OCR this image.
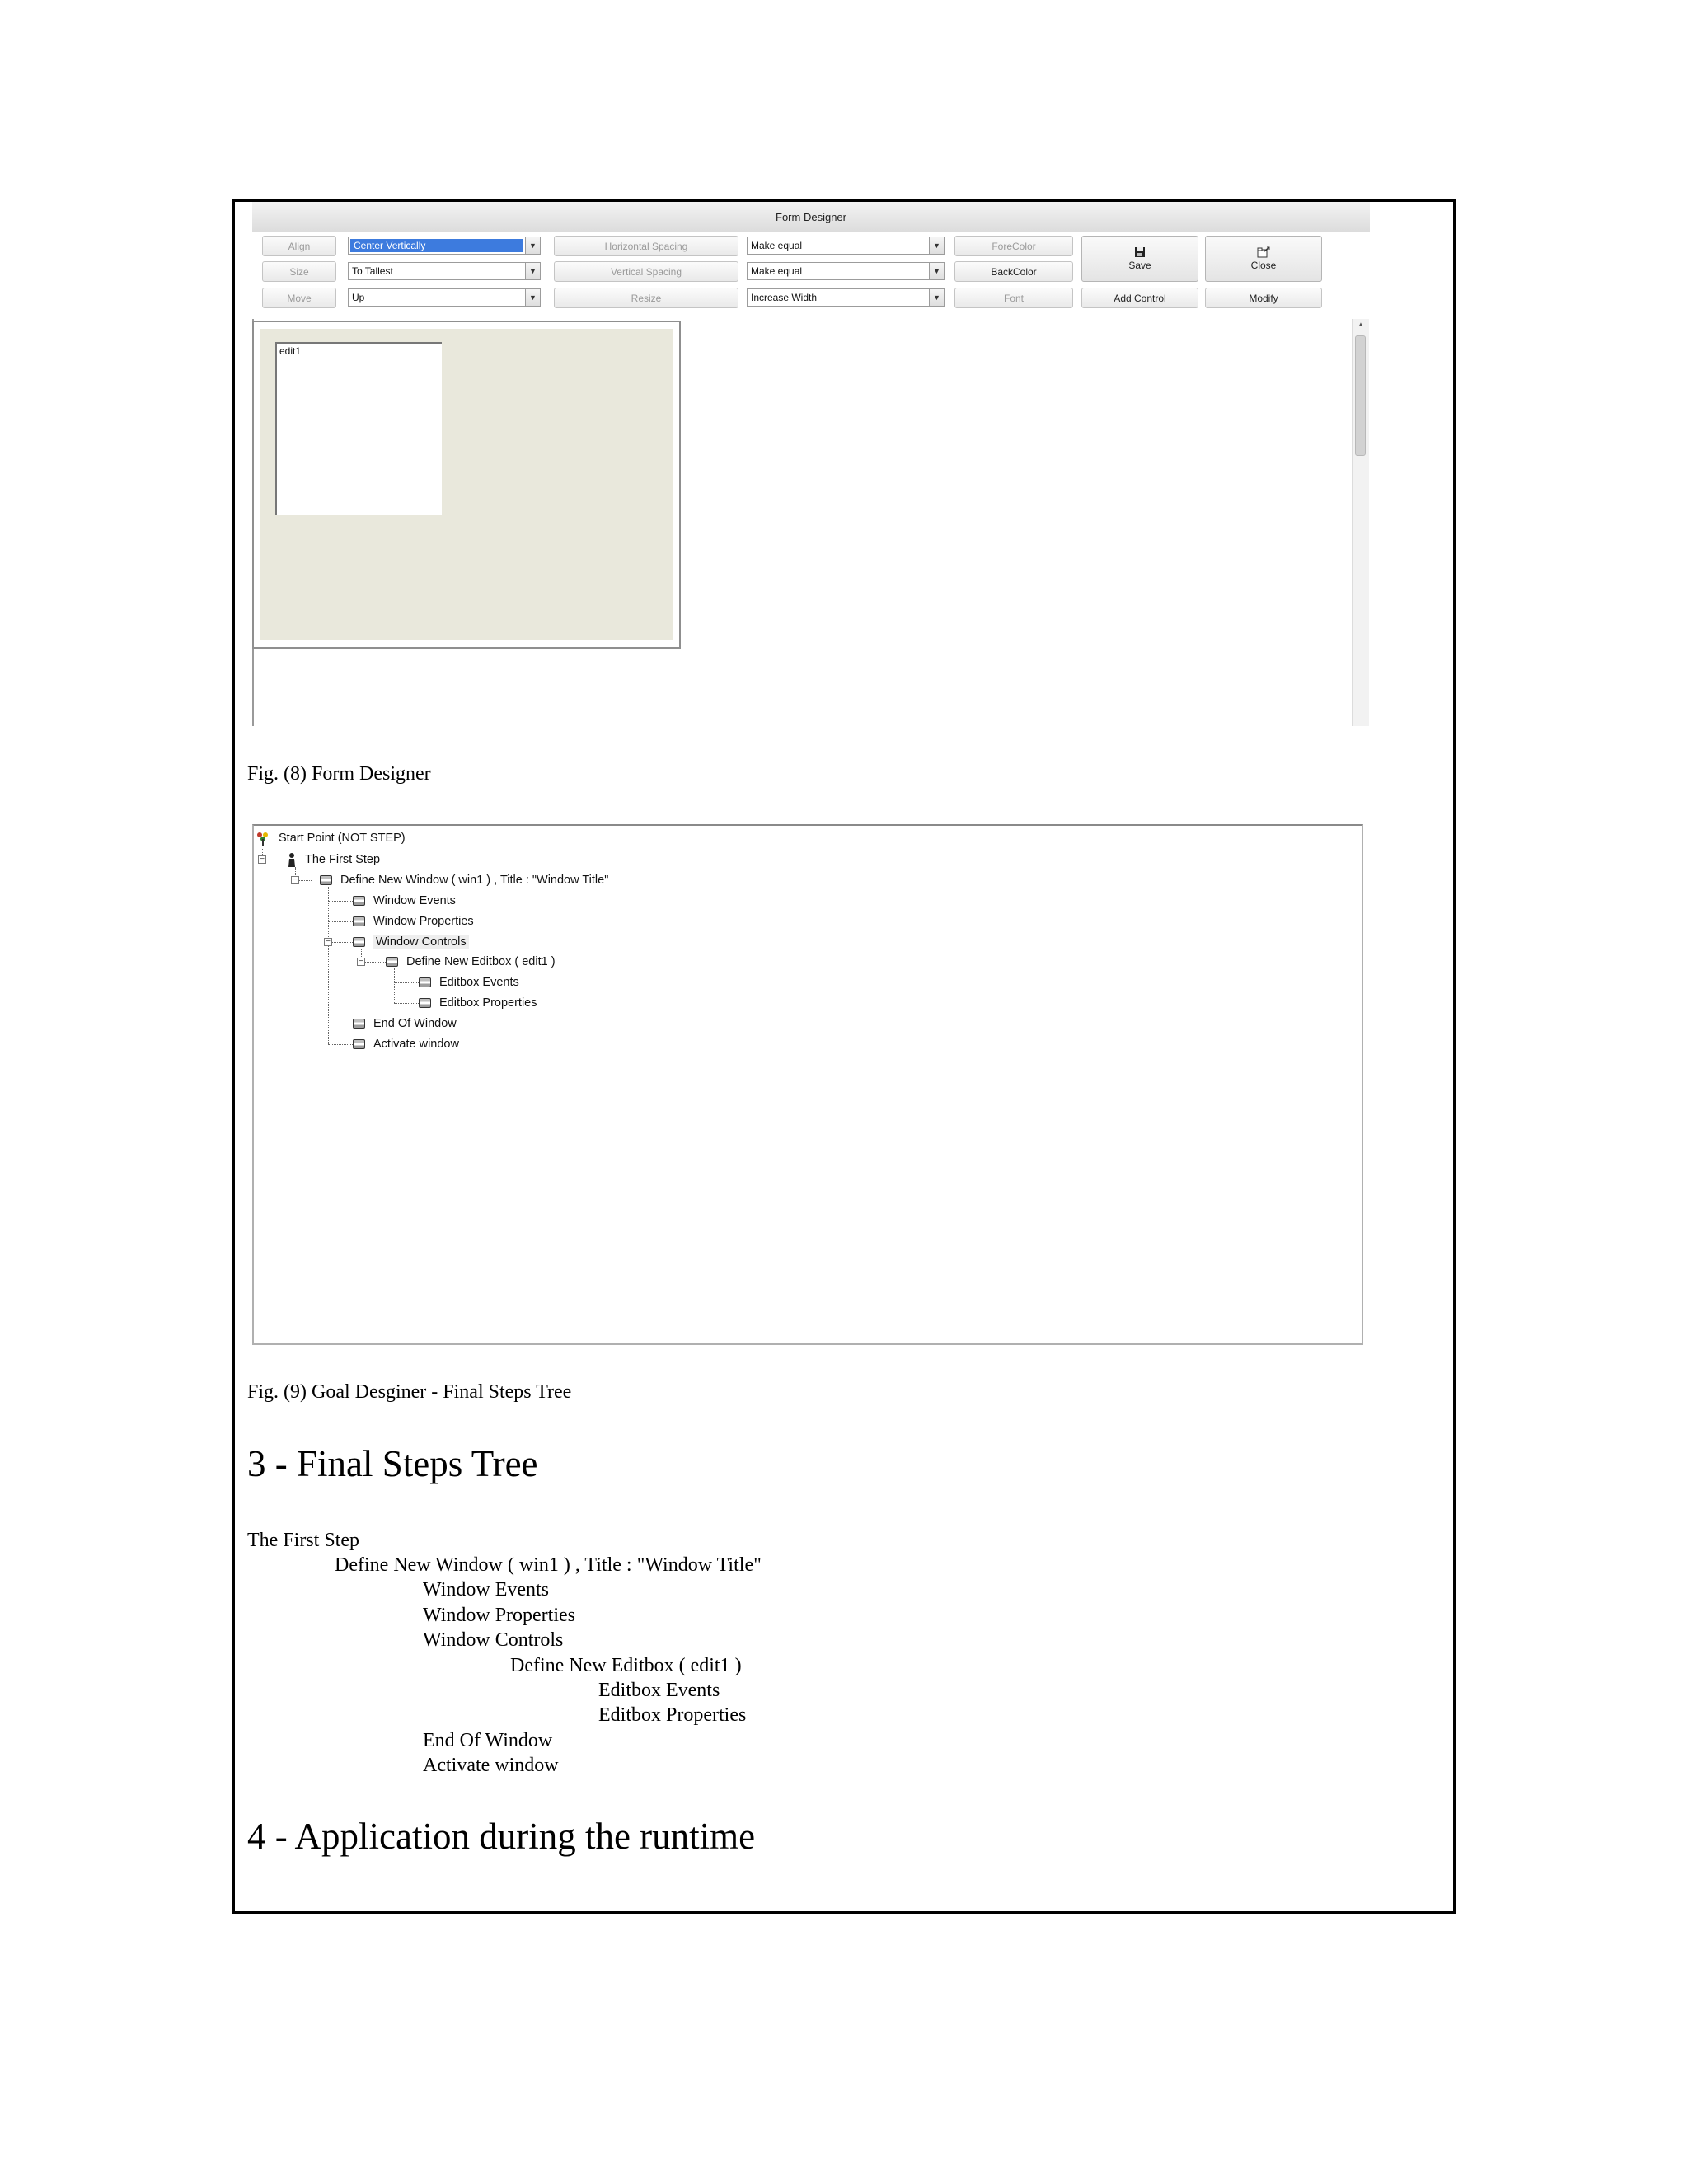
Form Designer
Align	Center Vertically	▼	Horizontal Spacing	Make equal	▼	ForeColor
Size	To Tallest	▼	Vertical Spacing	Make equal	▼	BackColor
Move	Up	▼	Resize	Increase Width	▼	Font
Save	Close
Add Control	Modify
edit1
▲
Fig. (8) Form Designer
−
−
−
−
Start Point (NOT STEP)
The First Step
Define New Window ( win1 ) , Title : "Window Title"
Window Events
Window Properties
Window Controls
Define New Editbox ( edit1 )
Editbox Events
Editbox Properties
End Of Window
Activate window
Fig. (9) Goal Desginer - Final Steps Tree
3 - Final Steps Tree
The First Step
Define New Window ( win1 ) , Title : "Window Title"
Window Events
Window Properties
Window Controls
Define New Editbox ( edit1 )
Editbox Events
Editbox Properties
End Of Window
Activate window
4 - Application during the runtime
